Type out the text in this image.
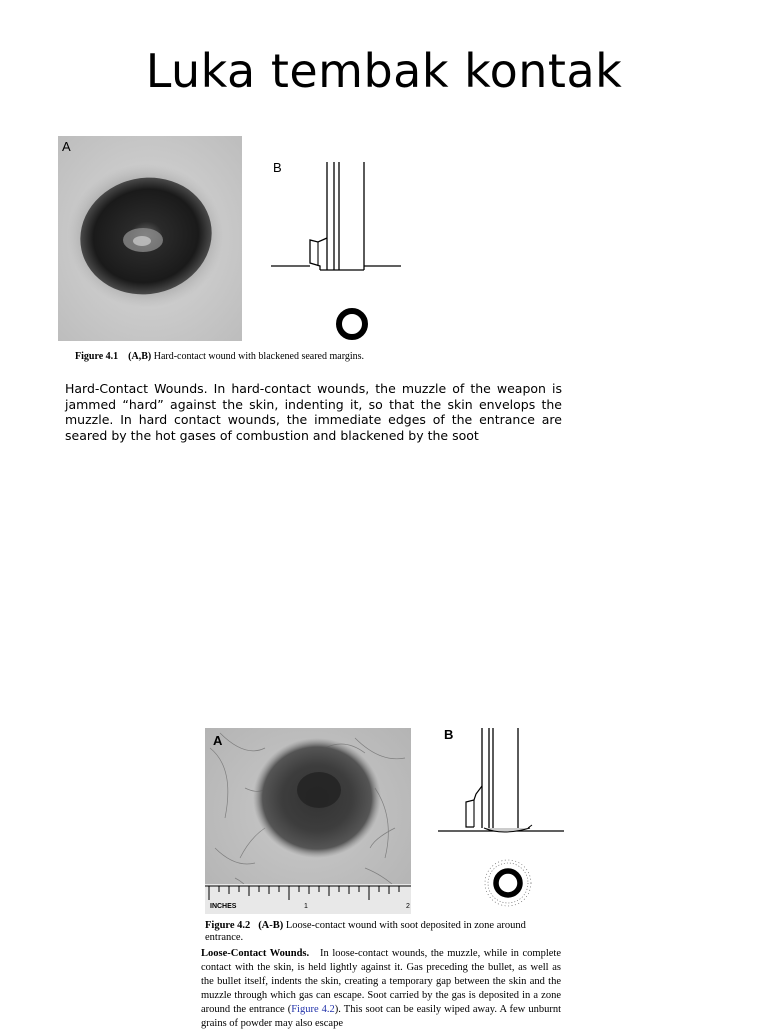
Luka tembak kontak
A
B
Figure 4.1 (A,B) Hard-contact wound with blackened seared margins.
Hard-Contact Wounds. In hard-contact wounds, the muzzle of the weapon is jammed “hard” against the skin, indenting it, so that the skin envelops the muzzle. In hard contact wounds, the immediate edges of the entrance are seared by the hot gases of combustion and blackened by the soot
A
INCHES	1	2
B
Figure 4.2 (A-B) Loose-contact wound with soot deposited in zone around entrance.
Loose-Contact Wounds. In loose-contact wounds, the muzzle, while in complete contact with the skin, is held lightly against it. Gas preceding the bullet, as well as the bullet itself, indents the skin, creating a temporary gap between the skin and the muzzle through which gas can escape. Soot carried by the gas is deposited in a zone around the entrance (Figure 4.2). This soot can be easily wiped away. A few unburnt grains of powder may also escape
